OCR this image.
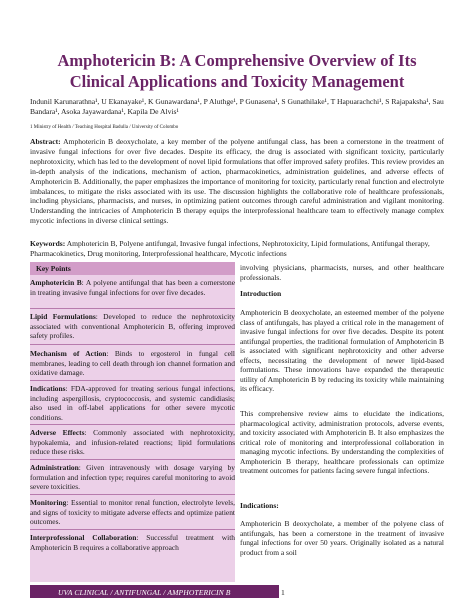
Amphotericin B: A Comprehensive Overview of Its Clinical Applications and Toxicity Management
Indunil Karunarathna¹, U Ekanayake¹, K Gunawardana¹, P Aluthge¹, P Gunasena¹, S Gunathilake¹, T Hapuarachchi¹, S Rajapaksha¹, Sau Bandara¹, Asoka Jayawardana¹, Kapila De Alvis¹
1 Ministry of Health / Teaching Hospital Badulla / University of Colombo
Abstract: Amphotericin B deoxycholate, a key member of the polyene antifungal class, has been a cornerstone in the treatment of invasive fungal infections for over five decades. Despite its efficacy, the drug is associated with significant toxicity, particularly nephrotoxicity, which has led to the development of novel lipid formulations that offer improved safety profiles. This review provides an in-depth analysis of the indications, mechanism of action, pharmacokinetics, administration guidelines, and adverse effects of Amphotericin B. Additionally, the paper emphasizes the importance of monitoring for toxicity, particularly renal function and electrolyte imbalances, to mitigate the risks associated with its use. The discussion highlights the collaborative role of healthcare professionals, including physicians, pharmacists, and nurses, in optimizing patient outcomes through careful administration and vigilant monitoring. Understanding the intricacies of Amphotericin B therapy equips the interprofessional healthcare team to effectively manage complex mycotic infections in diverse clinical settings.
Keywords: Amphotericin B, Polyene antifungal, Invasive fungal infections, Nephrotoxicity, Lipid formulations, Antifungal therapy, Pharmacokinetics, Drug monitoring, Interprofessional healthcare, Mycotic infections
Key Points
Amphotericin B: A polyene antifungal that has been a cornerstone in treating invasive fungal infections for over five decades.
Lipid Formulations: Developed to reduce the nephrotoxicity associated with conventional Amphotericin B, offering improved safety profiles.
Mechanism of Action: Binds to ergosterol in fungal cell membranes, leading to cell death through ion channel formation and oxidative damage.
Indications: FDA-approved for treating serious fungal infections, including aspergillosis, cryptococcosis, and systemic candidiasis; also used in off-label applications for other severe mycotic conditions.
Adverse Effects: Commonly associated with nephrotoxicity, hypokalemia, and infusion-related reactions; lipid formulations reduce these risks.
Administration: Given intravenously with dosage varying by formulation and infection type; requires careful monitoring to avoid severe toxicities.
Monitoring: Essential to monitor renal function, electrolyte levels, and signs of toxicity to mitigate adverse effects and optimize patient outcomes.
Interprofessional Collaboration: Successful treatment with Amphotericin B requires a collaborative approach
involving physicians, pharmacists, nurses, and other healthcare professionals.
Introduction
Amphotericin B deoxycholate, an esteemed member of the polyene class of antifungals, has played a critical role in the management of invasive fungal infections for over five decades. Despite its potent antifungal properties, the traditional formulation of Amphotericin B is associated with significant nephrotoxicity and other adverse effects, necessitating the development of newer lipid-based formulations. These innovations have expanded the therapeutic utility of Amphotericin B by reducing its toxicity while maintaining its efficacy.
This comprehensive review aims to elucidate the indications, pharmacological activity, administration protocols, adverse events, and toxicity associated with Amphotericin B. It also emphasizes the critical role of monitoring and interprofessional collaboration in managing mycotic infections. By understanding the complexities of Amphotericin B therapy, healthcare professionals can optimize treatment outcomes for patients facing severe fungal infections.
Indications:
Amphotericin B deoxycholate, a member of the polyene class of antifungals, has been a cornerstone in the treatment of invasive fungal infections for over 50 years. Originally isolated as a natural product from a soil
UVA CLINICAL / ANTIFUNGAL / AMPHOTERICIN B	1
